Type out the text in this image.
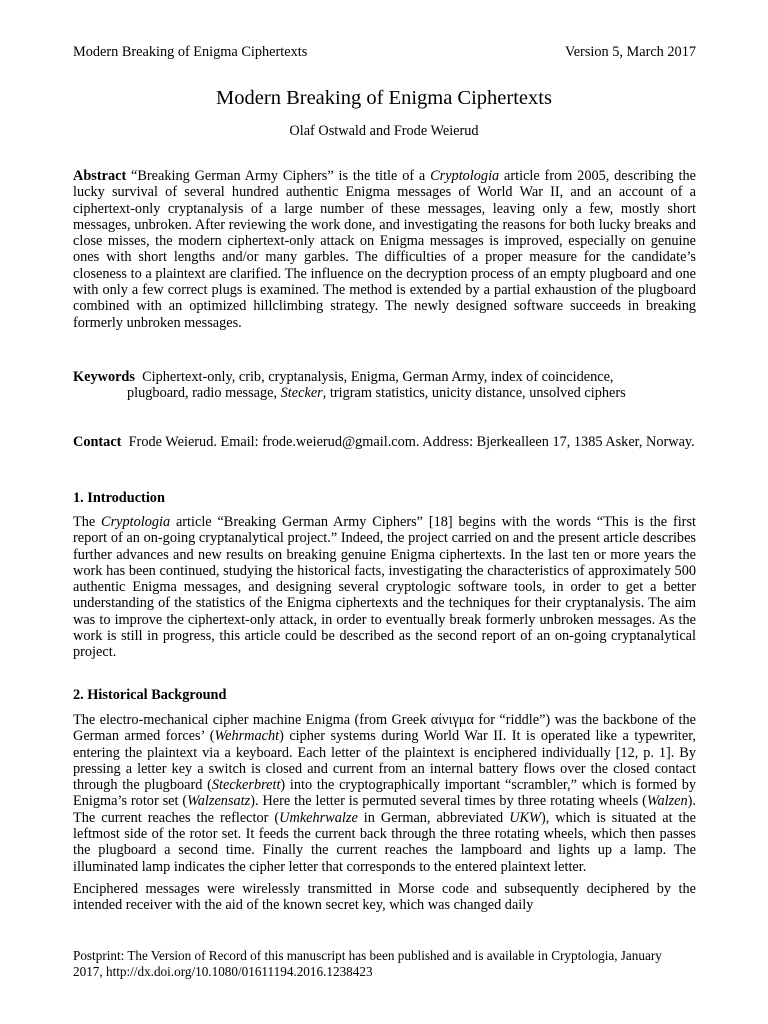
Modern Breaking of Enigma Ciphertexts	Version 5, March 2017
Modern Breaking of Enigma Ciphertexts
Olaf Ostwald and Frode Weierud

Abstract “Breaking German Army Ciphers” is the title of a Cryptologia article from 2005, describing the lucky survival of several hundred authentic Enigma messages of World War II, and an account of a ciphertext-only cryptanalysis of a large number of these messages, leaving only a few, mostly short messages, unbroken. After reviewing the work done, and investigating the reasons for both lucky breaks and close misses, the modern ciphertext-only attack on Enigma messages is improved, especially on genuine ones with short lengths and/or many garbles. The difficulties of a proper measure for the candidate’s closeness to a plaintext are clarified. The influence on the decryption process of an empty plugboard and one with only a few correct plugs is examined. The method is extended by a partial exhaustion of the plugboard combined with an optimized hillclimbing strategy. The newly designed software succeeds in breaking formerly unbroken messages.

Keywords Ciphertext-only, crib, cryptanalysis, Enigma, German Army, index of coincidence,

plugboard, radio message, Stecker, trigram statistics, unicity distance, unsolved ciphers

Contact Frode Weierud. Email: frode.weierud@gmail.com. Address: Bjerkealleen 17, 1385 Asker, Norway.

1. Introduction

The Cryptologia article “Breaking German Army Ciphers” [18] begins with the words “This is the first report of an on-going cryptanalytical project.” Indeed, the project carried on and the present article describes further advances and new results on breaking genuine Enigma ciphertexts. In the last ten or more years the work has been continued, studying the historical facts, investigating the characteristics of approximately 500 authentic Enigma messages, and designing several cryptologic software tools, in order to get a better understanding of the statistics of the Enigma ciphertexts and the techniques for their cryptanalysis. The aim was to improve the ciphertext-only attack, in order to eventually break formerly unbroken messages. As the work is still in progress, this article could be described as the second report of an on-going cryptanalytical project.

2. Historical Background

The electro-mechanical cipher machine Enigma (from Greek αίνιγμα for “riddle”) was the backbone of the German armed forces’ (Wehrmacht) cipher systems during World War II. It is operated like a typewriter, entering the plaintext via a keyboard. Each letter of the plaintext is enciphered individually [12, p. 1]. By pressing a letter key a switch is closed and current from an internal battery flows over the closed contact through the plugboard (Steckerbrett) into the cryptographically important “scrambler,” which is formed by Enigma’s rotor set (Walzensatz). Here the letter is permuted several times by three rotating wheels (Walzen). The current reaches the reflector (Umkehrwalze in German, abbreviated UKW), which is situated at the leftmost side of the rotor set. It feeds the current back through the three rotating wheels, which then passes the plugboard a second time. Finally the current reaches the lampboard and lights up a lamp. The illuminated lamp indicates the cipher letter that corresponds to the entered plaintext letter.

Enciphered messages were wirelessly transmitted in Morse code and subsequently deciphered by the intended receiver with the aid of the known secret key, which was changed daily

Postprint: The Version of Record of this manuscript has been published and is available in Cryptologia, January 2017, http://dx.doi.org/10.1080/01611194.2016.1238423
